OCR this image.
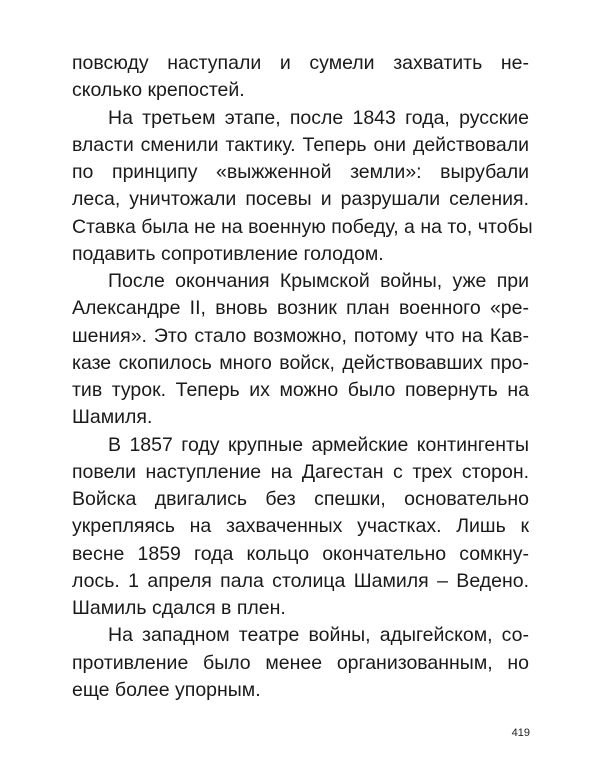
повсюду наступали и сумели захватить не-
сколько крепостей.
На третьем этапе, после 1843 года, русские
власти сменили тактику. Теперь они действовали
по принципу «выжженной земли»: вырубали
леса, уничтожали посевы и разрушали селения.
Ставка была не на военную победу, а на то, чтобы
подавить сопротивление голодом.
После окончания Крымской войны, уже при
Александре II, вновь возник план военного «ре-
шения». Это стало возможно, потому что на Кав-
казе скопилось много войск, действовавших про-
тив турок. Теперь их можно было повернуть на
Шамиля.
В 1857 году крупные армейские контингенты
повели наступление на Дагестан с трех сторон.
Войска двигались без спешки, основательно
укрепляясь на захваченных участках. Лишь к
весне 1859 года кольцо окончательно сомкну-
лось. 1 апреля пала столица Шамиля – Ведено.
Шамиль сдался в плен.
На западном театре войны, адыгейском, со-
противление было менее организованным, но
еще более упорным.
419
